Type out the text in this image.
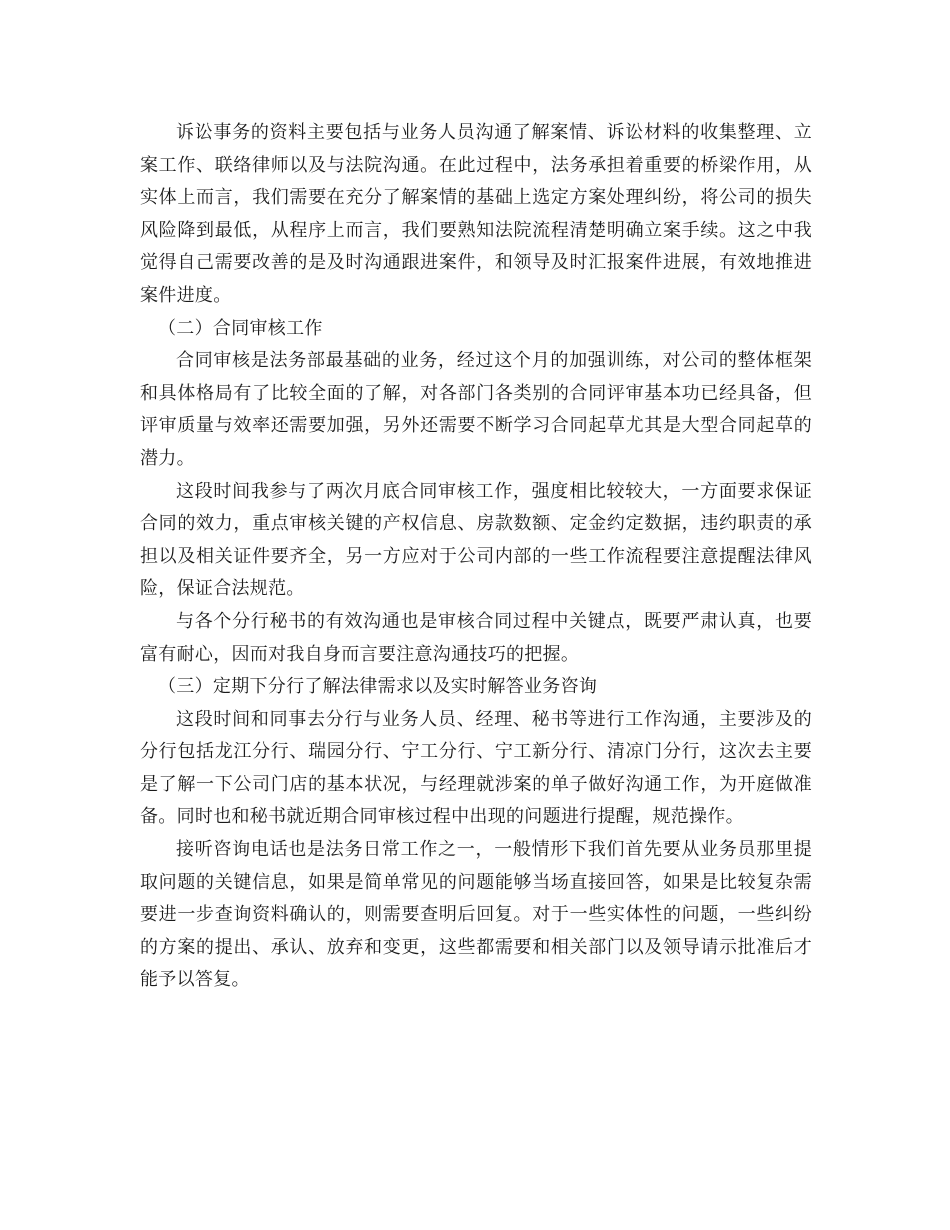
诉讼事务的资料主要包括与业务人员沟通了解案情、诉讼材料的收集整理、立案工作、联络律师以及与法院沟通。在此过程中，法务承担着重要的桥梁作用，从实体上而言，我们需要在充分了解案情的基础上选定方案处理纠纷，将公司的损失风险降到最低，从程序上而言，我们要熟知法院流程清楚明确立案手续。这之中我觉得自己需要改善的是及时沟通跟进案件，和领导及时汇报案件进展，有效地推进案件进度。

（二）合同审核工作

合同审核是法务部最基础的业务，经过这个月的加强训练，对公司的整体框架和具体格局有了比较全面的了解，对各部门各类别的合同评审基本功已经具备，但评审质量与效率还需要加强，另外还需要不断学习合同起草尤其是大型合同起草的潜力。

这段时间我参与了两次月底合同审核工作，强度相比较较大，一方面要求保证合同的效力，重点审核关键的产权信息、房款数额、定金约定数据，违约职责的承担以及相关证件要齐全，另一方应对于公司内部的一些工作流程要注意提醒法律风险，保证合法规范。

与各个分行秘书的有效沟通也是审核合同过程中关键点，既要严肃认真，也要富有耐心，因而对我自身而言要注意沟通技巧的把握。

（三）定期下分行了解法律需求以及实时解答业务咨询

这段时间和同事去分行与业务人员、经理、秘书等进行工作沟通，主要涉及的分行包括龙江分行、瑞园分行、宁工分行、宁工新分行、清凉门分行，这次去主要是了解一下公司门店的基本状况，与经理就涉案的单子做好沟通工作，为开庭做准备。同时也和秘书就近期合同审核过程中出现的问题进行提醒，规范操作。

接听咨询电话也是法务日常工作之一，一般情形下我们首先要从业务员那里提取问题的关键信息，如果是简单常见的问题能够当场直接回答，如果是比较复杂需要进一步查询资料确认的，则需要查明后回复。对于一些实体性的问题，一些纠纷的方案的提出、承认、放弃和变更，这些都需要和相关部门以及领导请示批准后才能予以答复。
